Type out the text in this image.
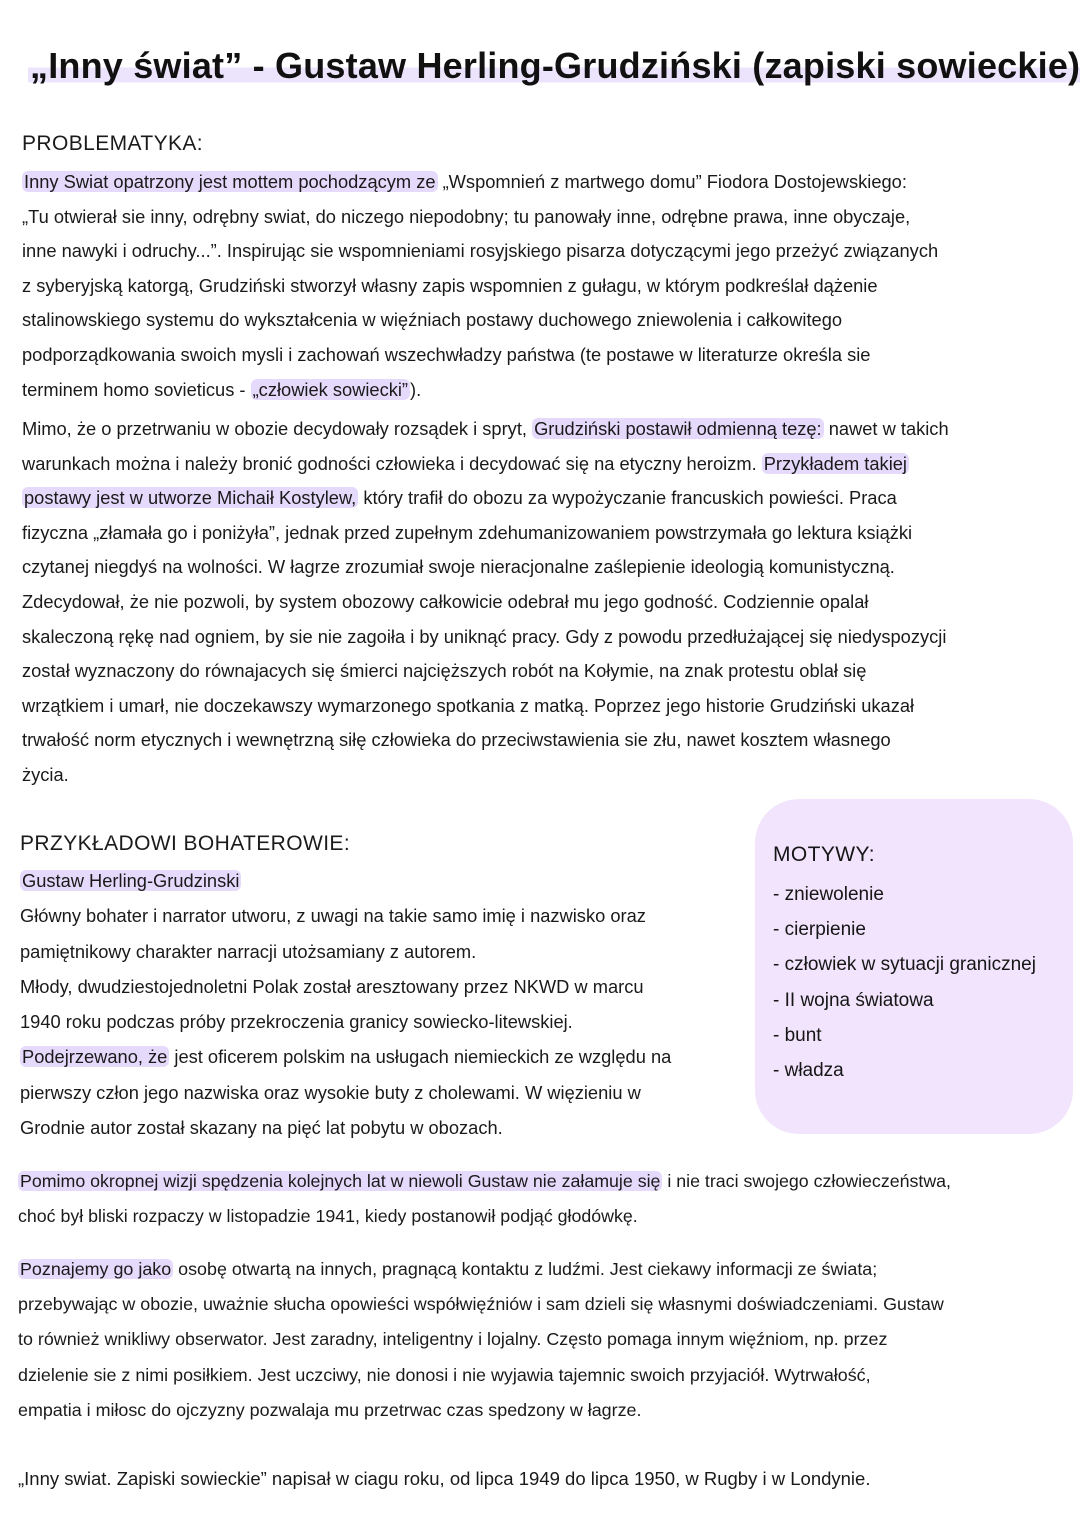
„Inny świat” - Gustaw Herling-Grudziński (zapiski sowieckie)
PROBLEMATYKA:
Inny Swiat opatrzony jest mottem pochodzącym ze „Wspomnień z martwego domu” Fiodora Dostojewskiego:
„Tu otwierał sie inny, odrębny swiat, do niczego niepodobny; tu panowały inne, odrębne prawa, inne obyczaje,
inne nawyki i odruchy...”. Inspirując sie wspomnieniami rosyjskiego pisarza dotyczącymi jego przeżyć związanych
z syberyjską katorgą, Grudziński stworzył własny zapis wspomnien z gułagu, w którym podkreślał dążenie
stalinowskiego systemu do wykształcenia w więźniach postawy duchowego zniewolenia i całkowitego
podporządkowania swoich mysli i zachowań wszechwładzy państwa (te postawe w literaturze określa sie
terminem homo sovieticus - „człowiek sowiecki” ).
Mimo, że o przetrwaniu w obozie decydowały rozsądek i spryt, Grudziński postawił odmienną tezę: nawet w takich
warunkach można i należy bronić godności człowieka i decydować się na etyczny heroizm. Przykładem takiej
postawy jest w utworze Michaił Kostylew, który trafił do obozu za wypożyczanie francuskich powieści. Praca
fizyczna „złamała go i poniżyła”, jednak przed zupełnym zdehumanizowaniem powstrzymała go lektura książki
czytanej niegdyś na wolności. W łagrze zrozumiał swoje nieracjonalne zaślepienie ideologią komunistyczną.
Zdecydował, że nie pozwoli, by system obozowy całkowicie odebrał mu jego godność. Codziennie opalał
skaleczoną rękę nad ogniem, by sie nie zagoiła i by uniknąć pracy. Gdy z powodu przedłużającej się niedyspozycji
został wyznaczony do równajacych się śmierci najcięższych robót na Kołymie, na znak protestu oblał się
wrzątkiem i umarł, nie doczekawszy wymarzonego spotkania z matką. Poprzez jego historie Grudziński ukazał
trwałość norm etycznych i wewnętrzną siłę człowieka do przeciwstawienia sie złu, nawet kosztem własnego
życia.
PRZYKŁADOWI BOHATEROWIE:
Gustaw Herling-Grudzinski
Główny bohater i narrator utworu, z uwagi na takie samo imię i nazwisko oraz
pamiętnikowy charakter narracji utożsamiany z autorem.
Młody, dwudziestojednoletni Polak został aresztowany przez NKWD w marcu
1940 roku podczas próby przekroczenia granicy sowiecko-litewskiej.
Podejrzewano, że jest oficerem polskim na usługach niemieckich ze względu na
pierwszy człon jego nazwiska oraz wysokie buty z cholewami. W więzieniu w
Grodnie autor został skazany na pięć lat pobytu w obozach.
MOTYWY:
- zniewolenie
- cierpienie
- człowiek w sytuacji granicznej
- II wojna światowa
- bunt
- władza
Pomimo okropnej wizji spędzenia kolejnych lat w niewoli Gustaw nie załamuje się i nie traci swojego człowieczeństwa,
choć był bliski rozpaczy w listopadzie 1941, kiedy postanowił podjąć głodówkę.
Poznajemy go jako osobę otwartą na innych, pragnącą kontaktu z ludźmi. Jest ciekawy informacji ze świata;
przebywając w obozie, uważnie słucha opowieści współwięźniów i sam dzieli się własnymi doświadczeniami. Gustaw
to również wnikliwy obserwator. Jest zaradny, inteligentny i lojalny. Często pomaga innym więźniom, np. przez
dzielenie sie z nimi posiłkiem. Jest uczciwy, nie donosi i nie wyjawia tajemnic swoich przyjaciół. Wytrwałość,
empatia i miłosc do ojczyzny pozwalaja mu przetrwac czas spedzony w łagrze.
„Inny swiat. Zapiski sowieckie” napisał w ciagu roku, od lipca 1949 do lipca 1950, w Rugby i w Londynie.
